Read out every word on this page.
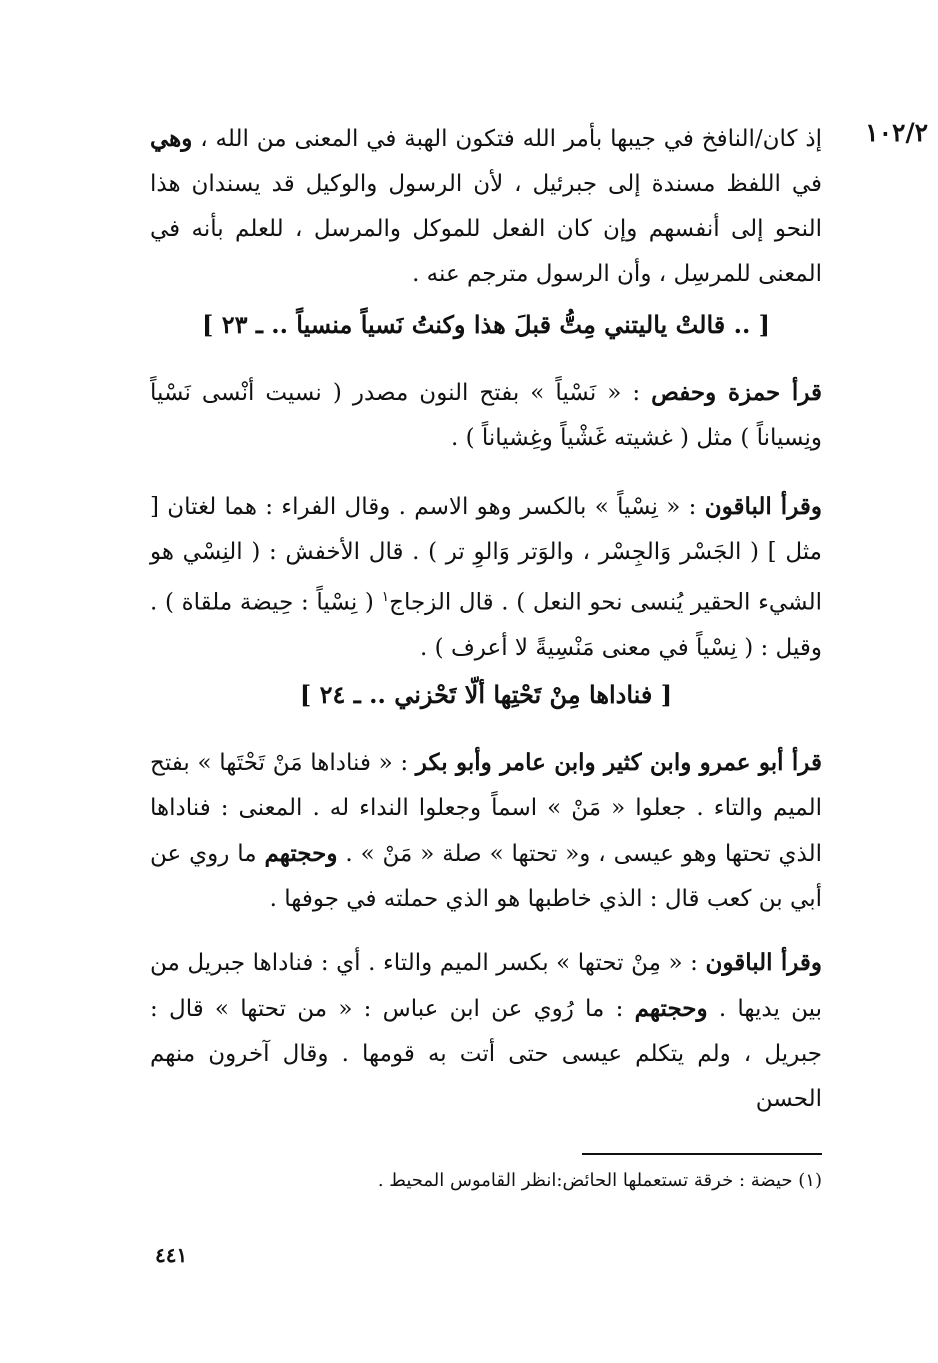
١٠٢/٢

إذ كان/النافخ في جيبها بأمر الله فتكون الهبة في المعنى من الله ، وهي في اللفظ مسندة إلى جبرئيل ، لأن الرسول والوكيل قد يسندان هذا النحو إلى أنفسهم وإن كان الفعل للموكل والمرسل ، للعلم بأنه في المعنى للمرسِل ، وأن الرسول مترجم عنه .

[ .. قالتْ ياليتني مِتُّ قبلَ هذا وكنتُ نَسياً منسياً .. ـ ٢٣ ]

قرأ حمزة وحفص : « نَسْياً » بفتح النون مصدر ( نسيت أنْسى نَسْياً ونِسياناً ) مثل ( غشيته غَشْياً وغِشياناً ) .

وقرأ الباقون : « نِسْياً » بالكسر وهو الاسم . وقال الفراء : هما لغتان [ مثل ] ( الجَسْر وَالجِسْر ، والوَتر وَالوِ تر ) . قال الأخفش : ( النِسْي هو الشيء الحقير يُنسى نحو النعل ) . قال الزجاج$^١$ ( نِسْياً : حِيضة ملقاة ) . وقيل : ( نِسْياً في معنى مَنْسِيةً لا أعرف ) .

[ فناداها مِنْ تَحْتِها ألّا تَحْزني .. ـ ٢٤ ]

قرأ أبو عمرو وابن كثير وابن عامر وأبو بكر : « فناداها مَنْ تَحْتَها » بفتح الميم والتاء . جعلوا « مَنْ » اسماً وجعلوا النداء له . المعنى : فناداها الذي تحتها وهو عيسى ، و« تحتها » صلة « مَنْ » . وحجتهم ما روي عن أبي بن كعب قال : الذي خاطبها هو الذي حملته في جوفها .

وقرأ الباقون : « مِنْ تحتها » بكسر الميم والتاء . أي : فناداها جبريل من بين يديها . وحجتهم : ما رُوي عن ابن عباس : « من تحتها » قال : جبريل ، ولم يتكلم عيسى حتى أتت به قومها . وقال آخرون منهم الحسن

(١) حيضة : خرقة تستعملها الحائض:انظر القاموس المحيط .
٤٤١
